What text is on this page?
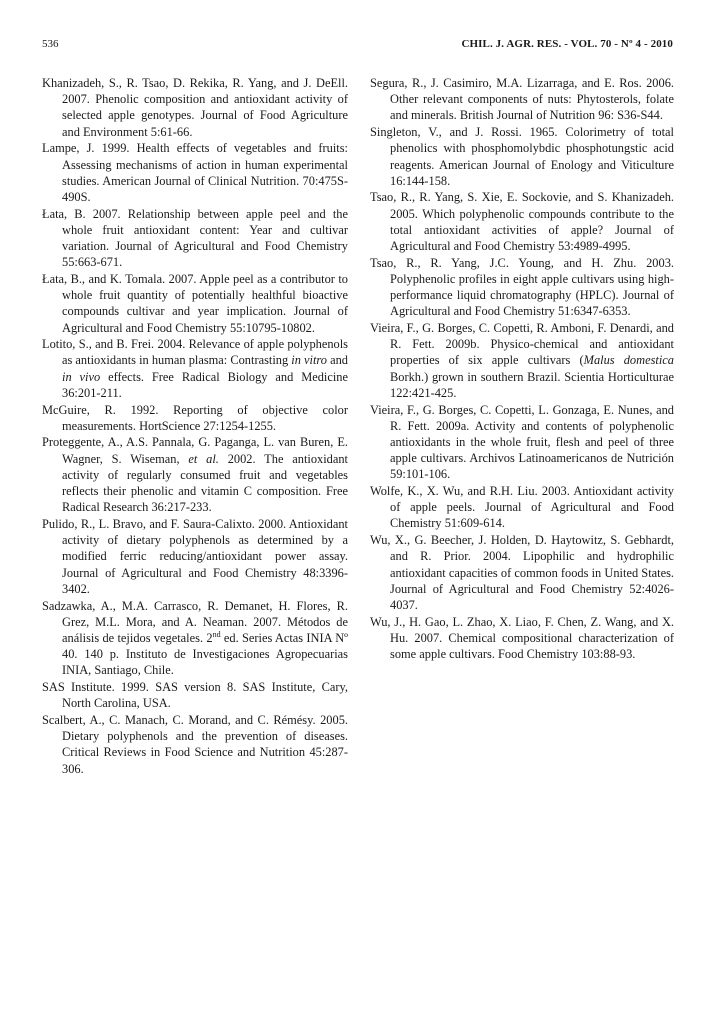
536	CHIL. J. AGR. RES. - VOL. 70 - Nº 4 - 2010

Khanizadeh, S., R. Tsao, D. Rekika, R. Yang, and J. DeEll. 2007. Phenolic composition and antioxidant activity of selected apple genotypes. Journal of Food Agriculture and Environment 5:61-66.

Lampe, J. 1999. Health effects of vegetables and fruits: Assessing mechanisms of action in human experimental studies. American Journal of Clinical Nutrition. 70:475S-490S.

Łata, B. 2007. Relationship between apple peel and the whole fruit antioxidant content: Year and cultivar variation. Journal of Agricultural and Food Chemistry 55:663-671.

Łata, B., and K. Tomala. 2007. Apple peel as a contributor to whole fruit quantity of potentially healthful bioactive compounds cultivar and year implication. Journal of Agricultural and Food Chemistry 55:10795-10802.

Lotito, S., and B. Frei. 2004. Relevance of apple polyphenols as antioxidants in human plasma: Contrasting in vitro and in vivo effects. Free Radical Biology and Medicine 36:201-211.

McGuire, R. 1992. Reporting of objective color measurements. HortScience 27:1254-1255.

Proteggente, A., A.S. Pannala, G. Paganga, L. van Buren, E. Wagner, S. Wiseman, et al. 2002. The antioxidant activity of regularly consumed fruit and vegetables reflects their phenolic and vitamin C composition. Free Radical Research 36:217-233.

Pulido, R., L. Bravo, and F. Saura-Calixto. 2000. Antioxidant activity of dietary polyphenols as determined by a modified ferric reducing/antioxidant power assay. Journal of Agricultural and Food Chemistry 48:3396-3402.

Sadzawka, A., M.A. Carrasco, R. Demanet, H. Flores, R. Grez, M.L. Mora, and A. Neaman. 2007. Métodos de análisis de tejidos vegetales. 2nd ed. Series Actas INIA Nº 40. 140 p. Instituto de Investigaciones Agropecuarias INIA, Santiago, Chile.

SAS Institute. 1999. SAS version 8. SAS Institute, Cary, North Carolina, USA.

Scalbert, A., C. Manach, C. Morand, and C. Rémésy. 2005. Dietary polyphenols and the prevention of diseases. Critical Reviews in Food Science and Nutrition 45:287-306.

Segura, R., J. Casimiro, M.A. Lizarraga, and E. Ros. 2006. Other relevant components of nuts: Phytosterols, folate and minerals. British Journal of Nutrition 96: S36-S44.

Singleton, V., and J. Rossi. 1965. Colorimetry of total phenolics with phosphomolybdic phosphotungstic acid reagents. American Journal of Enology and Viticulture 16:144-158.

Tsao, R., R. Yang, S. Xie, E. Sockovie, and S. Khanizadeh. 2005. Which polyphenolic compounds contribute to the total antioxidant activities of apple? Journal of Agricultural and Food Chemistry 53:4989-4995.

Tsao, R., R. Yang, J.C. Young, and H. Zhu. 2003. Polyphenolic profiles in eight apple cultivars using high-performance liquid chromatography (HPLC). Journal of Agricultural and Food Chemistry 51:6347-6353.

Vieira, F., G. Borges, C. Copetti, R. Amboni, F. Denardi, and R. Fett. 2009b. Physico-chemical and antioxidant properties of six apple cultivars (Malus domestica Borkh.) grown in southern Brazil. Scientia Horticulturae 122:421-425.

Vieira, F., G. Borges, C. Copetti, L. Gonzaga, E. Nunes, and R. Fett. 2009a. Activity and contents of polyphenolic antioxidants in the whole fruit, flesh and peel of three apple cultivars. Archivos Latinoamericanos de Nutrición 59:101-106.

Wolfe, K., X. Wu, and R.H. Liu. 2003. Antioxidant activity of apple peels. Journal of Agricultural and Food Chemistry 51:609-614.

Wu, X., G. Beecher, J. Holden, D. Haytowitz, S. Gebhardt, and R. Prior. 2004. Lipophilic and hydrophilic antioxidant capacities of common foods in United States. Journal of Agricultural and Food Chemistry 52:4026-4037.

Wu, J., H. Gao, L. Zhao, X. Liao, F. Chen, Z. Wang, and X. Hu. 2007. Chemical compositional characterization of some apple cultivars. Food Chemistry 103:88-93.
